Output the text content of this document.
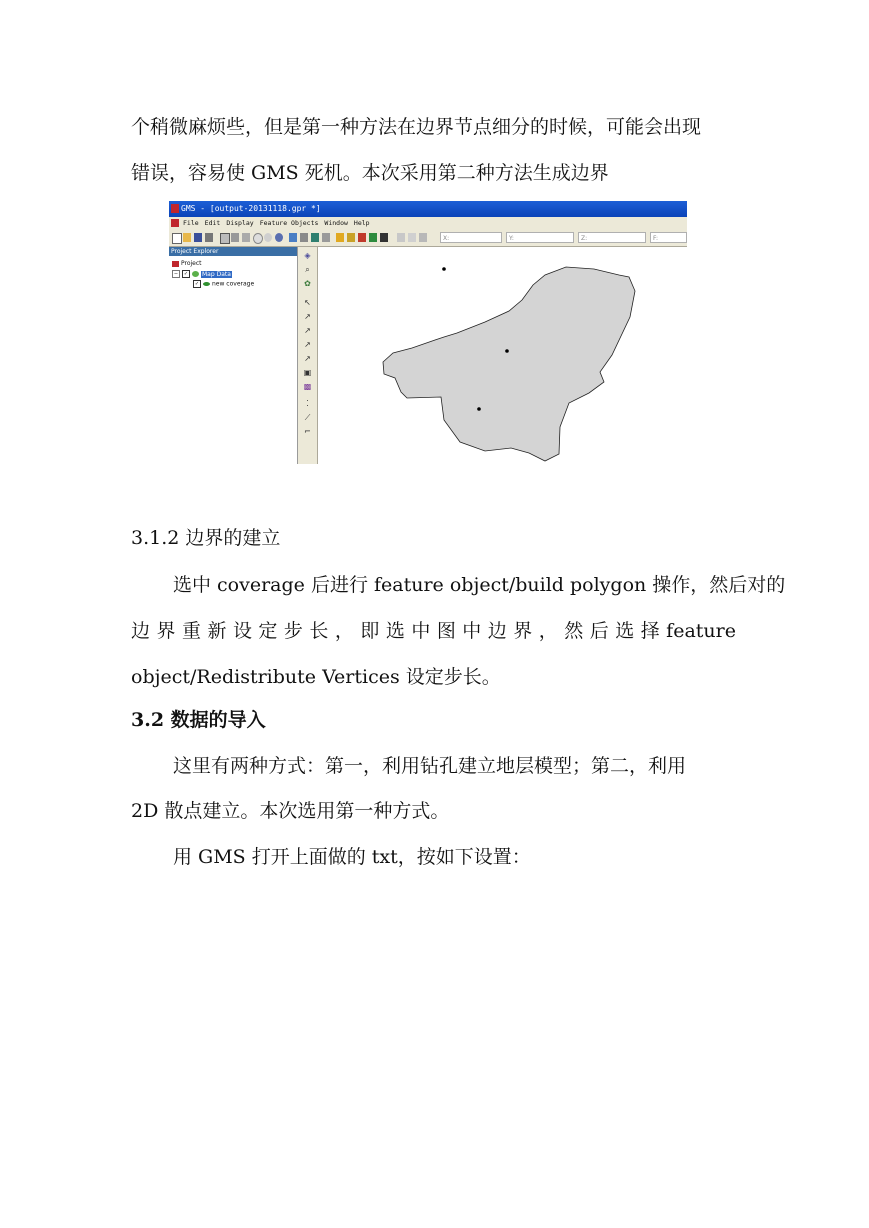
个稍微麻烦些，但是第一种方法在边界节点细分的时候，可能会出现
错误，容易使 GMS 死机。本次采用第二种方法生成边界
GMS - [output-20131118.gpr *]
File Edit Display Feature Objects Window Help
X:	Y:	Z:	F:
Project Explorer
Project
− ✓ Map Data
✓ new coverage
◈
⌕
✿
↖
↗
↗
↗
↗
▣
▩
⁚
⟋
⌐
3.1.2 边界的建立
选中 coverage 后进行 feature object/build polygon 操作，然后对的
边 界 重 新 设 定 步 长 ， 即 选 中 图 中 边 界 ， 然 后 选 择 feature
object/Redistribute Vertices 设定步长。
3.2 数据的导入
这里有两种方式：第一，利用钻孔建立地层模型；第二，利用
2D 散点建立。本次选用第一种方式。
用 GMS 打开上面做的 txt，按如下设置：
